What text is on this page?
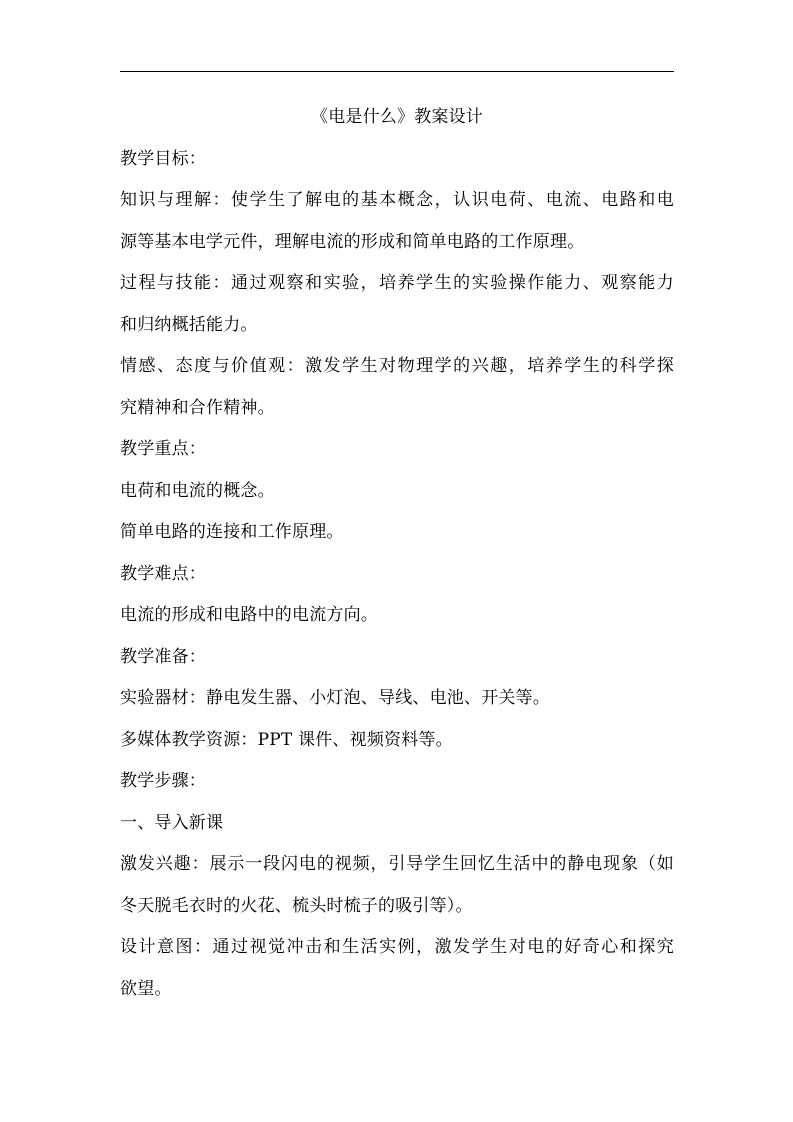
《电是什么》教案设计
教学目标：
知识与理解：使学生了解电的基本概念，认识电荷、电流、电路和电
源等基本电学元件，理解电流的形成和简单电路的工作原理。
过程与技能：通过观察和实验，培养学生的实验操作能力、观察能力
和归纳概括能力。
情感、态度与价值观：激发学生对物理学的兴趣，培养学生的科学探
究精神和合作精神。
教学重点：
电荷和电流的概念。
简单电路的连接和工作原理。
教学难点：
电流的形成和电路中的电流方向。
教学准备：
实验器材：静电发生器、小灯泡、导线、电池、开关等。
多媒体教学资源：PPT 课件、视频资料等。
教学步骤：
一、导入新课
激发兴趣：展示一段闪电的视频，引导学生回忆生活中的静电现象（如
冬天脱毛衣时的火花、梳头时梳子的吸引等）。
设计意图：通过视觉冲击和生活实例，激发学生对电的好奇心和探究
欲望。
